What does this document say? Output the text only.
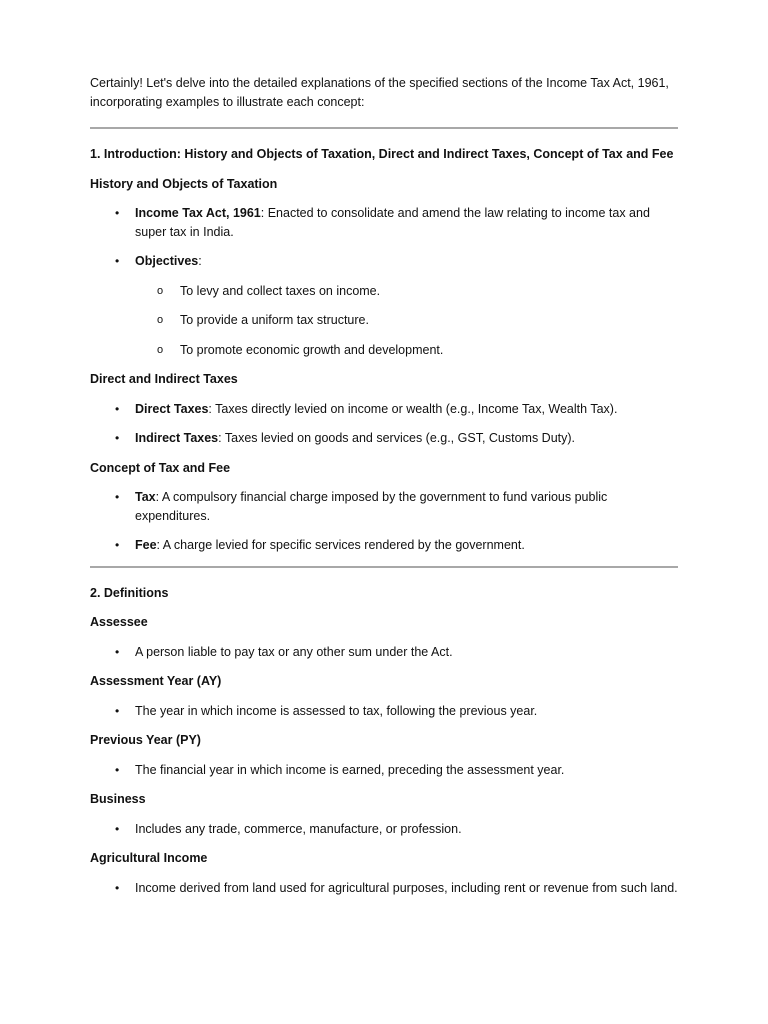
Certainly! Let's delve into the detailed explanations of the specified sections of the Income Tax Act, 1961, incorporating examples to illustrate each concept:

1. Introduction: History and Objects of Taxation, Direct and Indirect Taxes, Concept of Tax and Fee

History and Objects of Taxation

• Income Tax Act, 1961: Enacted to consolidate and amend the law relating to income tax and super tax in India.
• Objectives:
o To levy and collect taxes on income.
o To provide a uniform tax structure.
o To promote economic growth and development.

Direct and Indirect Taxes

• Direct Taxes: Taxes directly levied on income or wealth (e.g., Income Tax, Wealth Tax).
• Indirect Taxes: Taxes levied on goods and services (e.g., GST, Customs Duty).

Concept of Tax and Fee

• Tax: A compulsory financial charge imposed by the government to fund various public expenditures.
• Fee: A charge levied for specific services rendered by the government.

2. Definitions

Assessee

• A person liable to pay tax or any other sum under the Act.

Assessment Year (AY)

• The year in which income is assessed to tax, following the previous year.

Previous Year (PY)

• The financial year in which income is earned, preceding the assessment year.

Business

• Includes any trade, commerce, manufacture, or profession.

Agricultural Income

• Income derived from land used for agricultural purposes, including rent or revenue from such land.
